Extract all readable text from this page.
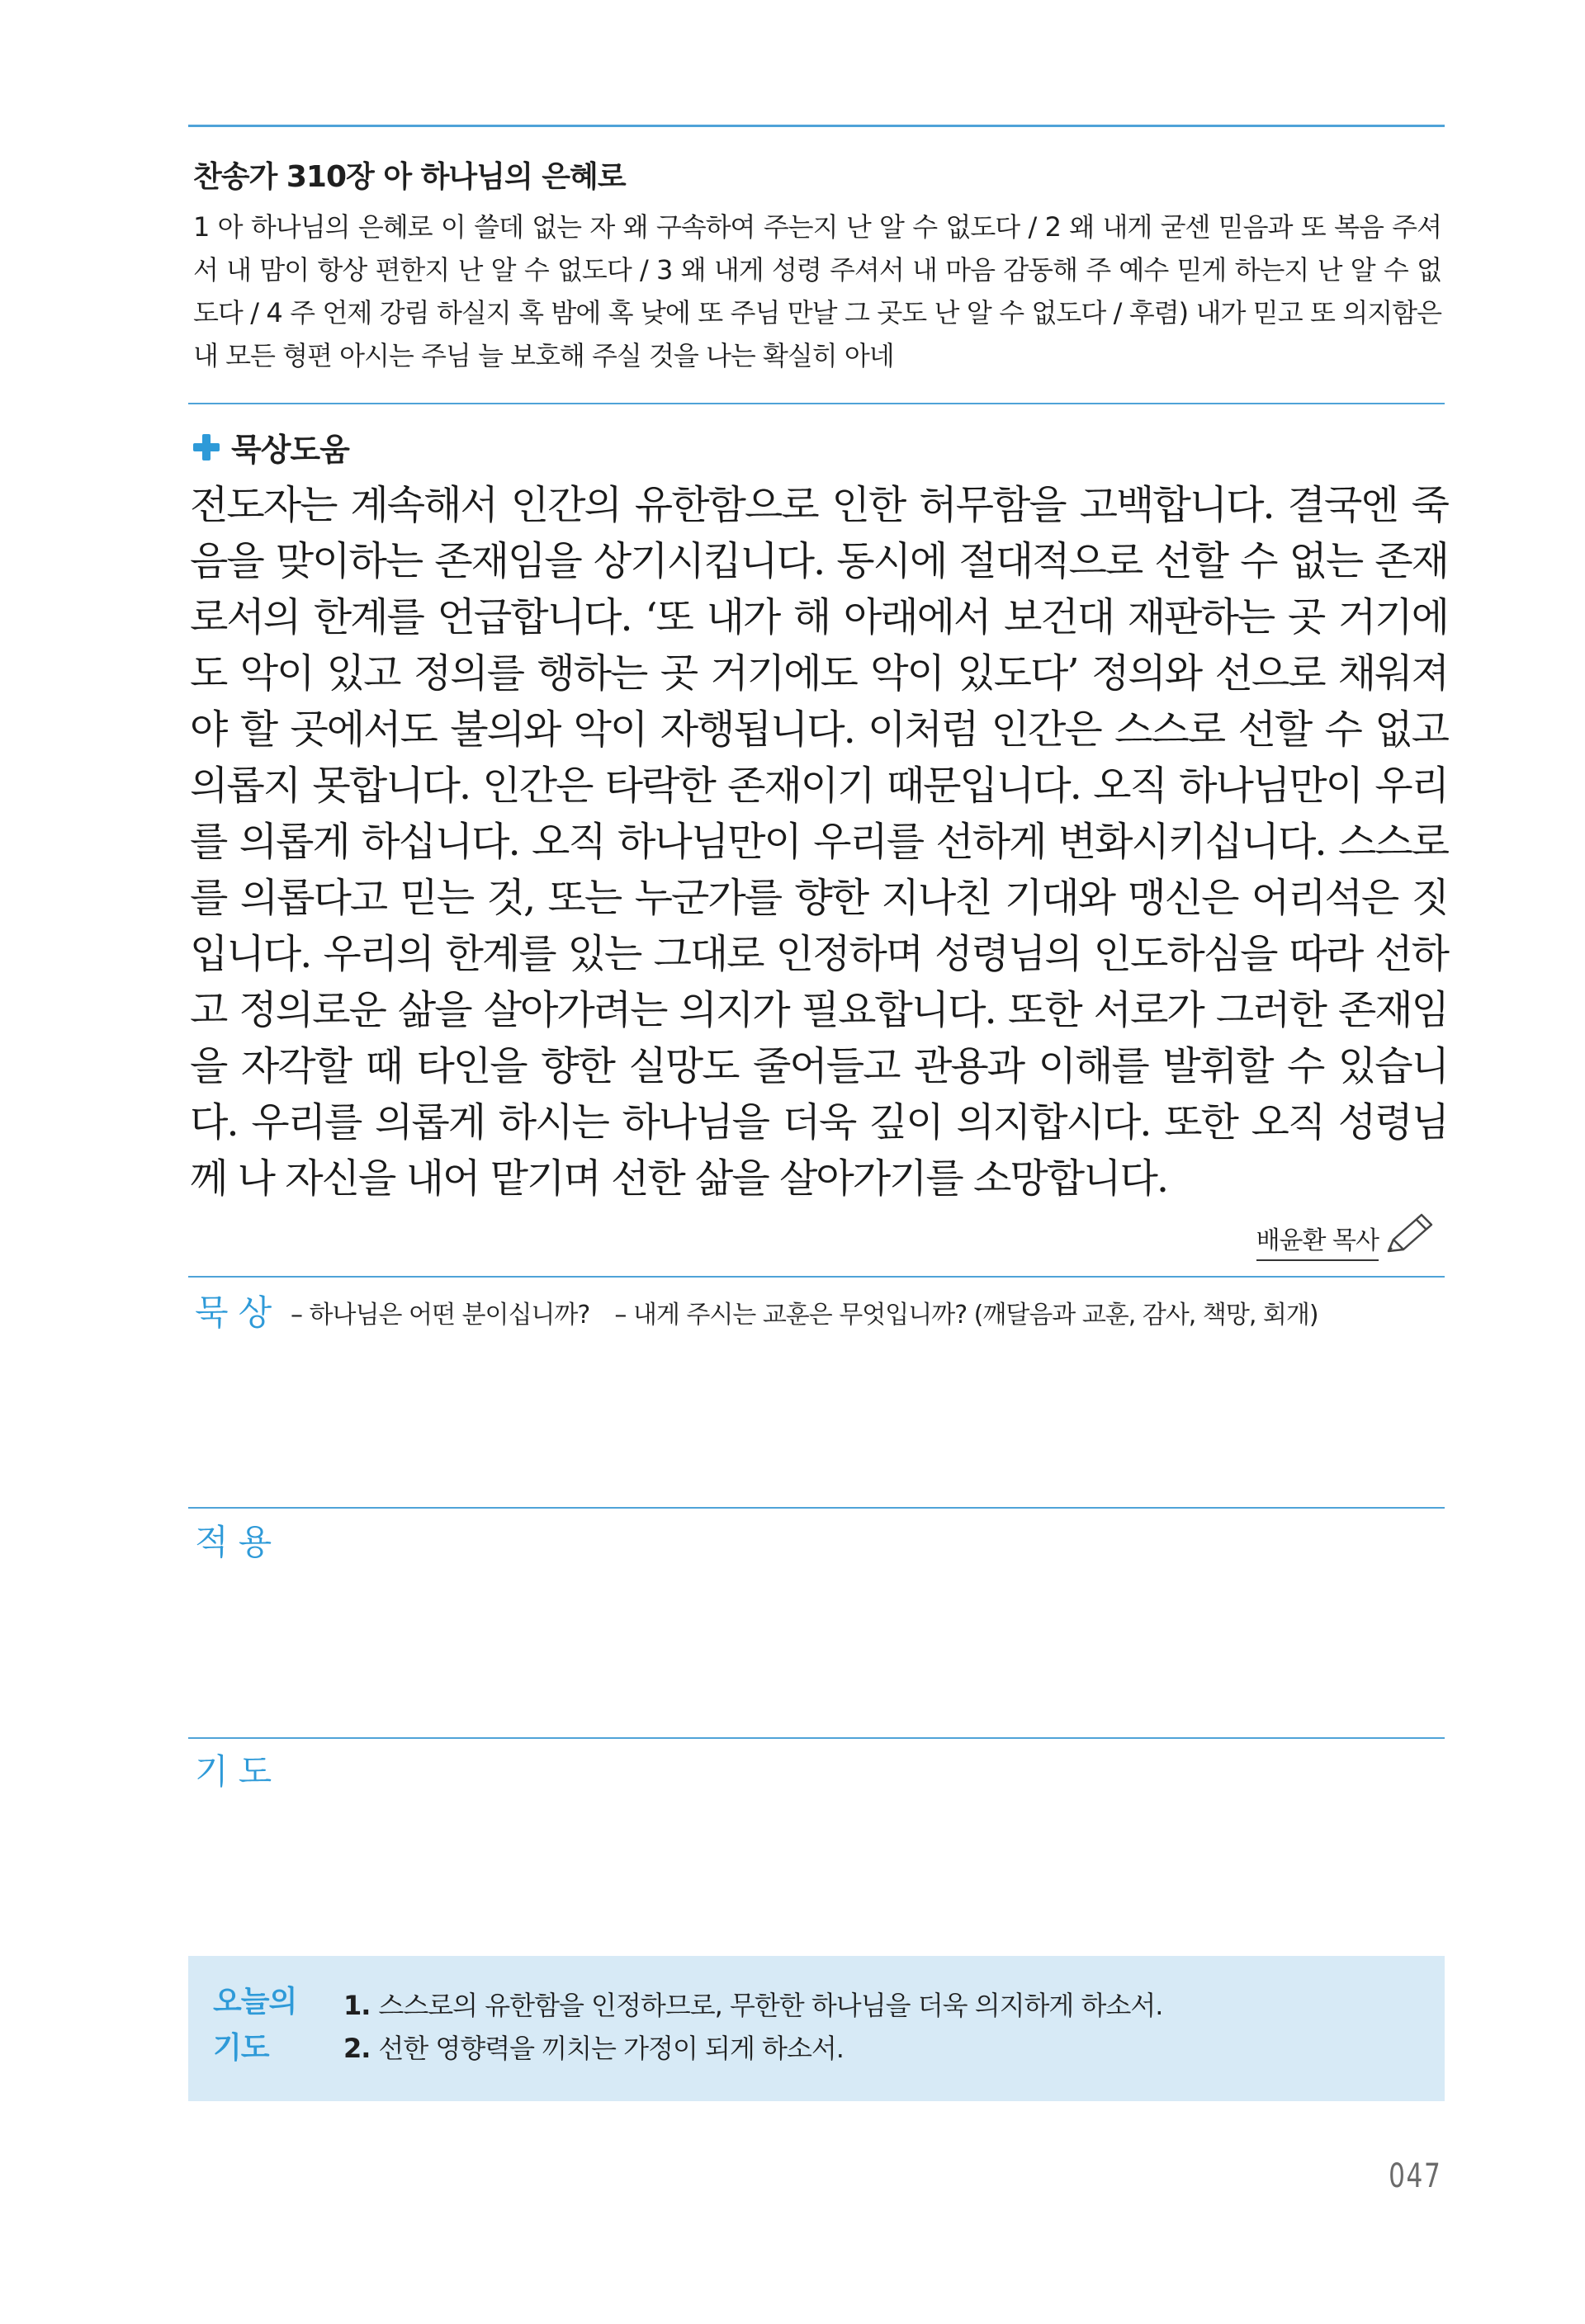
찬송가 310장 아 하나님의 은혜로

1 아 하나님의 은혜로 이 쓸데 없는 자 왜 구속하여 주는지 난 알 수 없도다 / 2 왜 내게 굳센 믿음과 또 복음 주셔서 내 맘이 항상 편한지 난 알 수 없도다 / 3 왜 내게 성령 주셔서 내 마음 감동해 주 예수 믿게 하는지 난 알 수 없도다 / 4 주 언제 강림 하실지 혹 밤에 혹 낮에 또 주님 만날 그 곳도 난 알 수 없도다 / 후렴) 내가 믿고 또 의지함은 내 모든 형편 아시는 주님 늘 보호해 주실 것을 나는 확실히 아네

묵상도움

전도자는 계속해서 인간의 유한함으로 인한 허무함을 고백합니다. 결국엔 죽음을 맞이하는 존재임을 상기시킵니다. 동시에 절대적으로 선할 수 없는 존재로서의 한계를 언급합니다. ‘또 내가 해 아래에서 보건대 재판하는 곳 거기에도 악이 있고 정의를 행하는 곳 거기에도 악이 있도다’ 정의와 선으로 채워져야 할 곳에서도 불의와 악이 자행됩니다. 이처럼 인간은 스스로 선할 수 없고 의롭지 못합니다. 인간은 타락한 존재이기 때문입니다. 오직 하나님만이 우리를 의롭게 하십니다. 오직 하나님만이 우리를 선하게 변화시키십니다. 스스로를 의롭다고 믿는 것, 또는 누군가를 향한 지나친 기대와 맹신은 어리석은 짓입니다. 우리의 한계를 있는 그대로 인정하며 성령님의 인도하심을 따라 선하고 정의로운 삶을 살아가려는 의지가 필요합니다. 또한 서로가 그러한 존재임을 자각할 때 타인을 향한 실망도 줄어들고 관용과 이해를 발휘할 수 있습니다. 우리를 의롭게 하시는 하나님을 더욱 깊이 의지합시다. 또한 오직 성령님께 나 자신을 내어 맡기며 선한 삶을 살아가기를 소망합니다.

배윤환 목사
묵상 – 하나님은 어떤 분이십니까? – 내게 주시는 교훈은 무엇입니까? (깨달음과 교훈, 감사, 책망, 회개)
적용
기도
오늘의
기도
1. 스스로의 유한함을 인정하므로, 무한한 하나님을 더욱 의지하게 하소서.
2. 선한 영향력을 끼치는 가정이 되게 하소서.
047
